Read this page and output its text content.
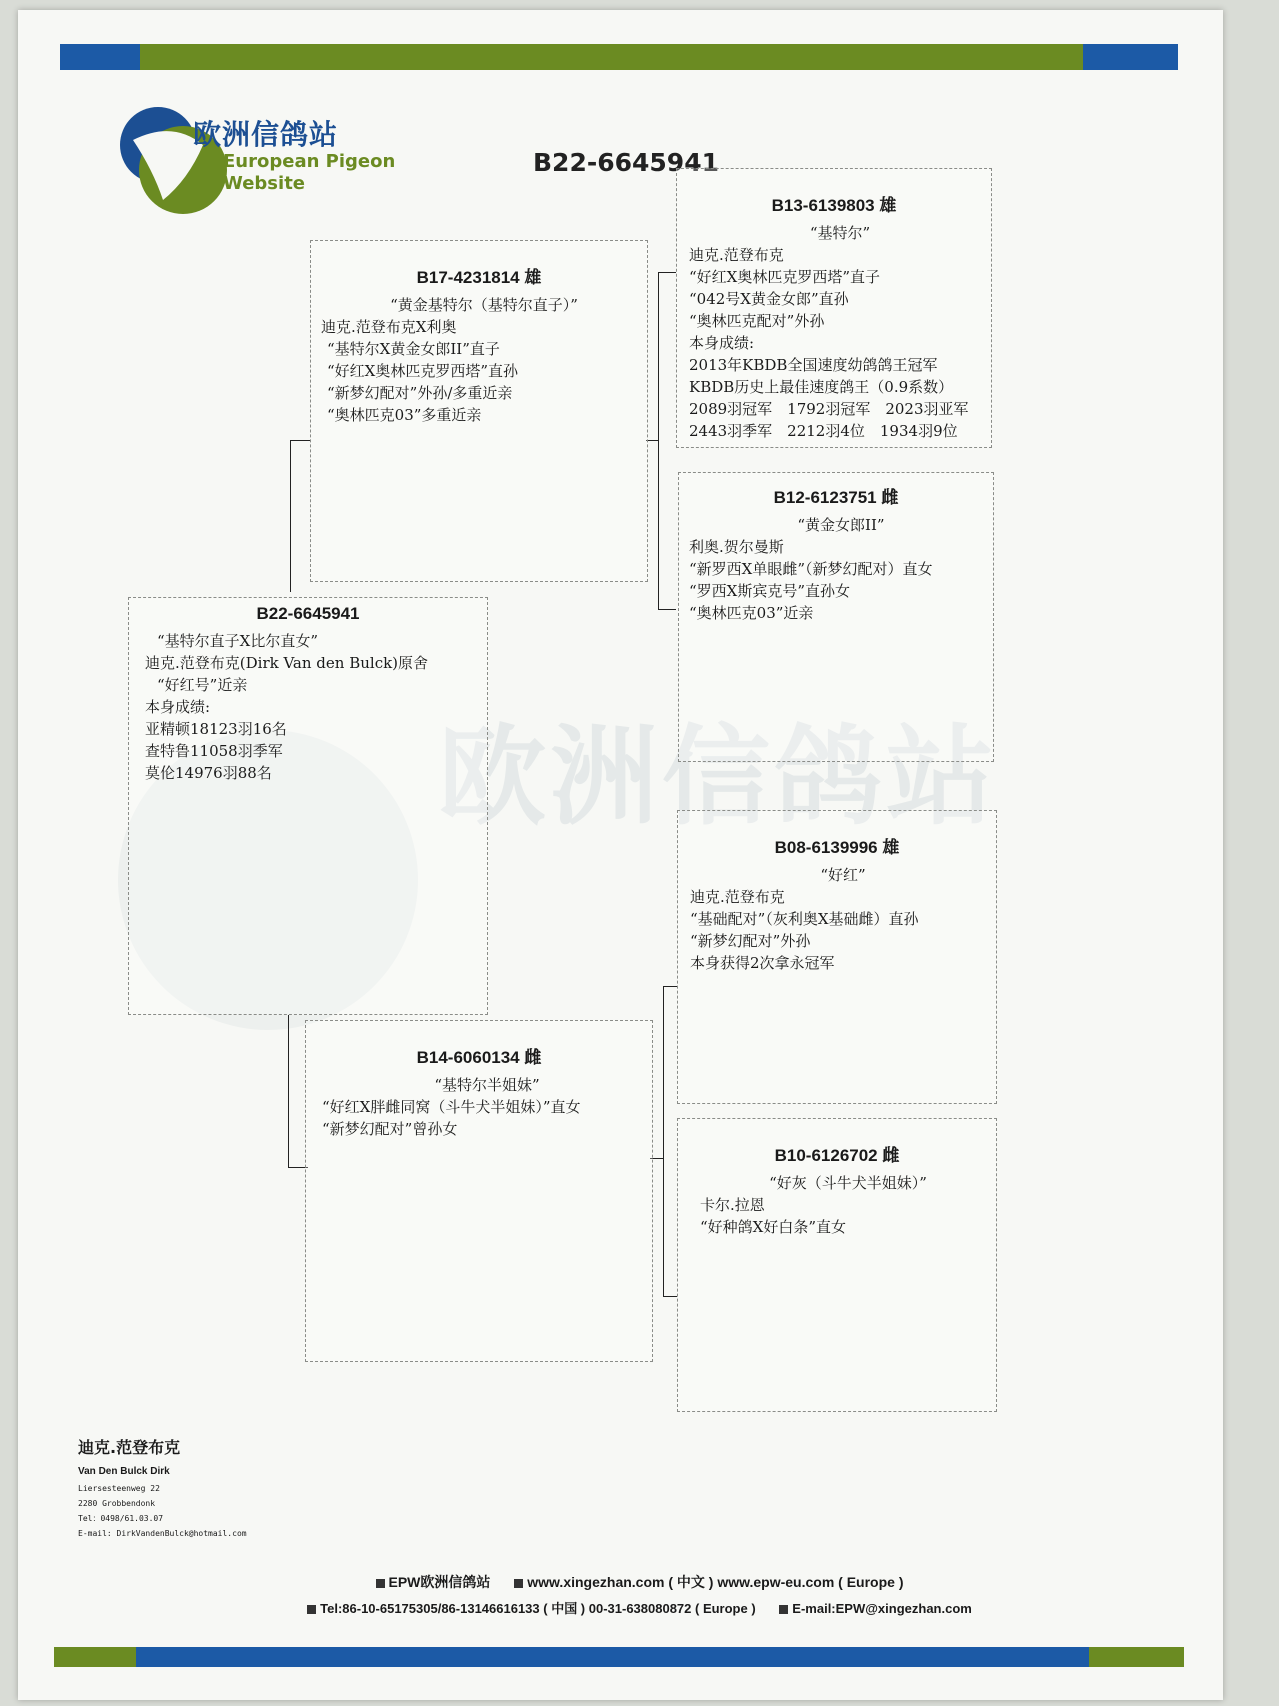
欧洲信鸽站
European Pigeon
Website
B22-6645941
欧洲信鸽站
B22-6645941
“基特尔直子X比尔直女”
迪克.范登布克(Dirk Van den Bulck)原舍
“好红号”近亲
本身成绩:
亚精顿18123羽16名
查特鲁11058羽季军
莫伦14976羽88名
B17-4231814 雄
“黄金基特尔（基特尔直子）”
迪克.范登布克X利奥
“基特尔X黄金女郎II”直子
“好红X奥林匹克罗西塔”直孙
“新梦幻配对”外孙/多重近亲
“奥林匹克03”多重近亲
B14-6060134 雌
“基特尔半姐妹”
“好红X胖雌同窝（斗牛犬半姐妹）”直女
“新梦幻配对”曾孙女
B13-6139803 雄
“基特尔”
迪克.范登布克
“好红X奥林匹克罗西塔”直子
“042号X黄金女郎”直孙
“奥林匹克配对”外孙
本身成绩:
2013年KBDB全国速度幼鸽鸽王冠军
KBDB历史上最佳速度鸽王（0.9系数）
2089羽冠军　1792羽冠军　2023羽亚军
2443羽季军　2212羽4位　1934羽9位
B12-6123751 雌
“黄金女郎II”
利奥.贺尔曼斯
“新罗西X单眼雌”（新梦幻配对）直女
“罗西X斯宾克号”直孙女
“奥林匹克03”近亲
B08-6139996 雄
“好红”
迪克.范登布克
“基础配对”（灰利奥X基础雌）直孙
“新梦幻配对”外孙
本身获得2次拿永冠军
B10-6126702 雌
“好灰（斗牛犬半姐妹）”
卡尔.拉恩
“好种鸽X好白条”直女
迪克.范登布克
Van Den Bulck Dirk
Liersesteenweg 22
2280 Grobbendonk
Tel：0498/61.03.07
E-mail: DirkVandenBulck@hotmail.com
EPW欧洲信鸽站	www.xingezhan.com ( 中文 ) www.epw-eu.com ( Europe )
Tel:86-10-65175305/86-13146616133 ( 中国 ) 00-31-638080872 ( Europe )	E-mail:EPW@xingezhan.com
